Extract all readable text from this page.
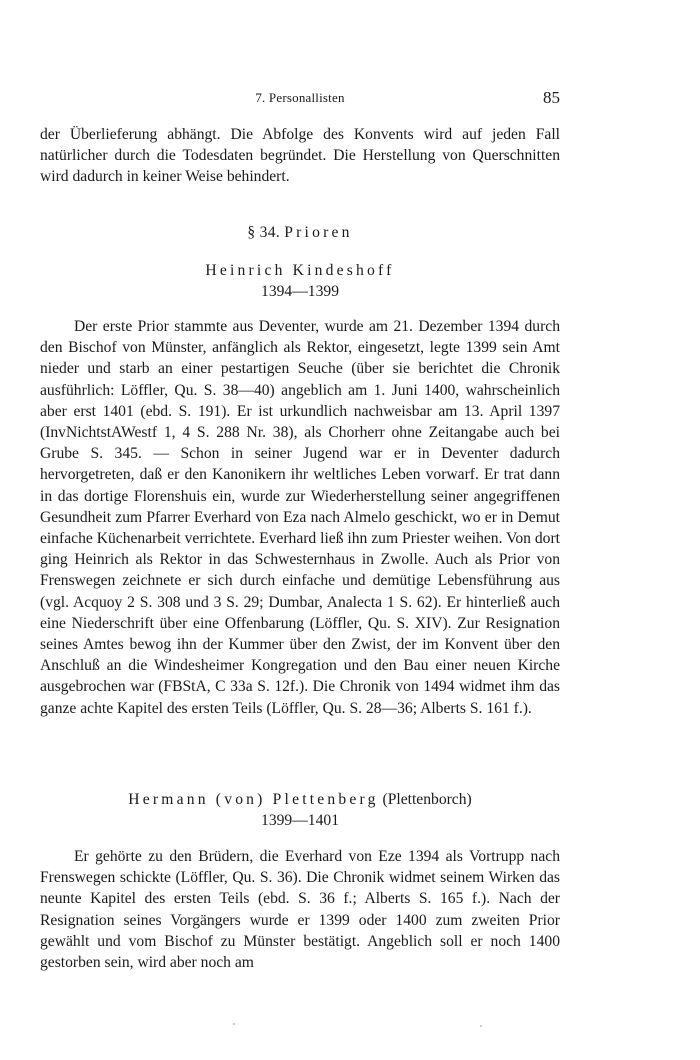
7. Personallisten	85

der Überlieferung abhängt. Die Abfolge des Konvents wird auf jeden Fall natürlicher durch die Todesdaten begründet. Die Herstellung von Querschnitten wird dadurch in keiner Weise behindert.

§ 34. Prioren
Heinrich Kindeshoff
1394—1399

Der erste Prior stammte aus Deventer, wurde am 21. Dezember 1394 durch den Bischof von Münster, anfänglich als Rektor, eingesetzt, legte 1399 sein Amt nieder und starb an einer pestartigen Seuche (über sie berichtet die Chronik ausführlich: Löffler, Qu. S. 38—40) angeblich am 1. Juni 1400, wahrscheinlich aber erst 1401 (ebd. S. 191). Er ist urkundlich nachweisbar am 13. April 1397 (InvNichtstAWestf 1, 4 S. 288 Nr. 38), als Chorherr ohne Zeitangabe auch bei Grube S. 345. — Schon in seiner Jugend war er in Deventer dadurch hervorgetreten, daß er den Kanonikern ihr weltliches Leben vorwarf. Er trat dann in das dortige Florenshuis ein, wurde zur Wiederherstellung seiner angegriffenen Gesundheit zum Pfarrer Everhard von Eza nach Almelo geschickt, wo er in Demut einfache Küchenarbeit verrichtete. Everhard ließ ihn zum Priester weihen. Von dort ging Heinrich als Rektor in das Schwesternhaus in Zwolle. Auch als Prior von Frenswegen zeichnete er sich durch einfache und demütige Lebensführung aus (vgl. Acquoy 2 S. 308 und 3 S. 29; Dumbar, Analecta 1 S. 62). Er hinterließ auch eine Niederschrift über eine Offenbarung (Löffler, Qu. S. XIV). Zur Resignation seines Amtes bewog ihn der Kummer über den Zwist, der im Konvent über den Anschluß an die Windesheimer Kongregation und den Bau einer neuen Kirche ausgebrochen war (FBStA, C 33a S. 12f.). Die Chronik von 1494 widmet ihm das ganze achte Kapitel des ersten Teils (Löffler, Qu. S. 28—36; Alberts S. 161 f.).

Hermann (von) Plettenberg (Plettenborch)
1399—1401

Er gehörte zu den Brüdern, die Everhard von Eze 1394 als Vortrupp nach Frenswegen schickte (Löffler, Qu. S. 36). Die Chronik widmet seinem Wirken das neunte Kapitel des ersten Teils (ebd. S. 36 f.; Alberts S. 165 f.). Nach der Resignation seines Vorgängers wurde er 1399 oder 1400 zum zweiten Prior gewählt und vom Bischof zu Münster bestätigt. Angeblich soll er noch 1400 gestorben sein, wird aber noch am
